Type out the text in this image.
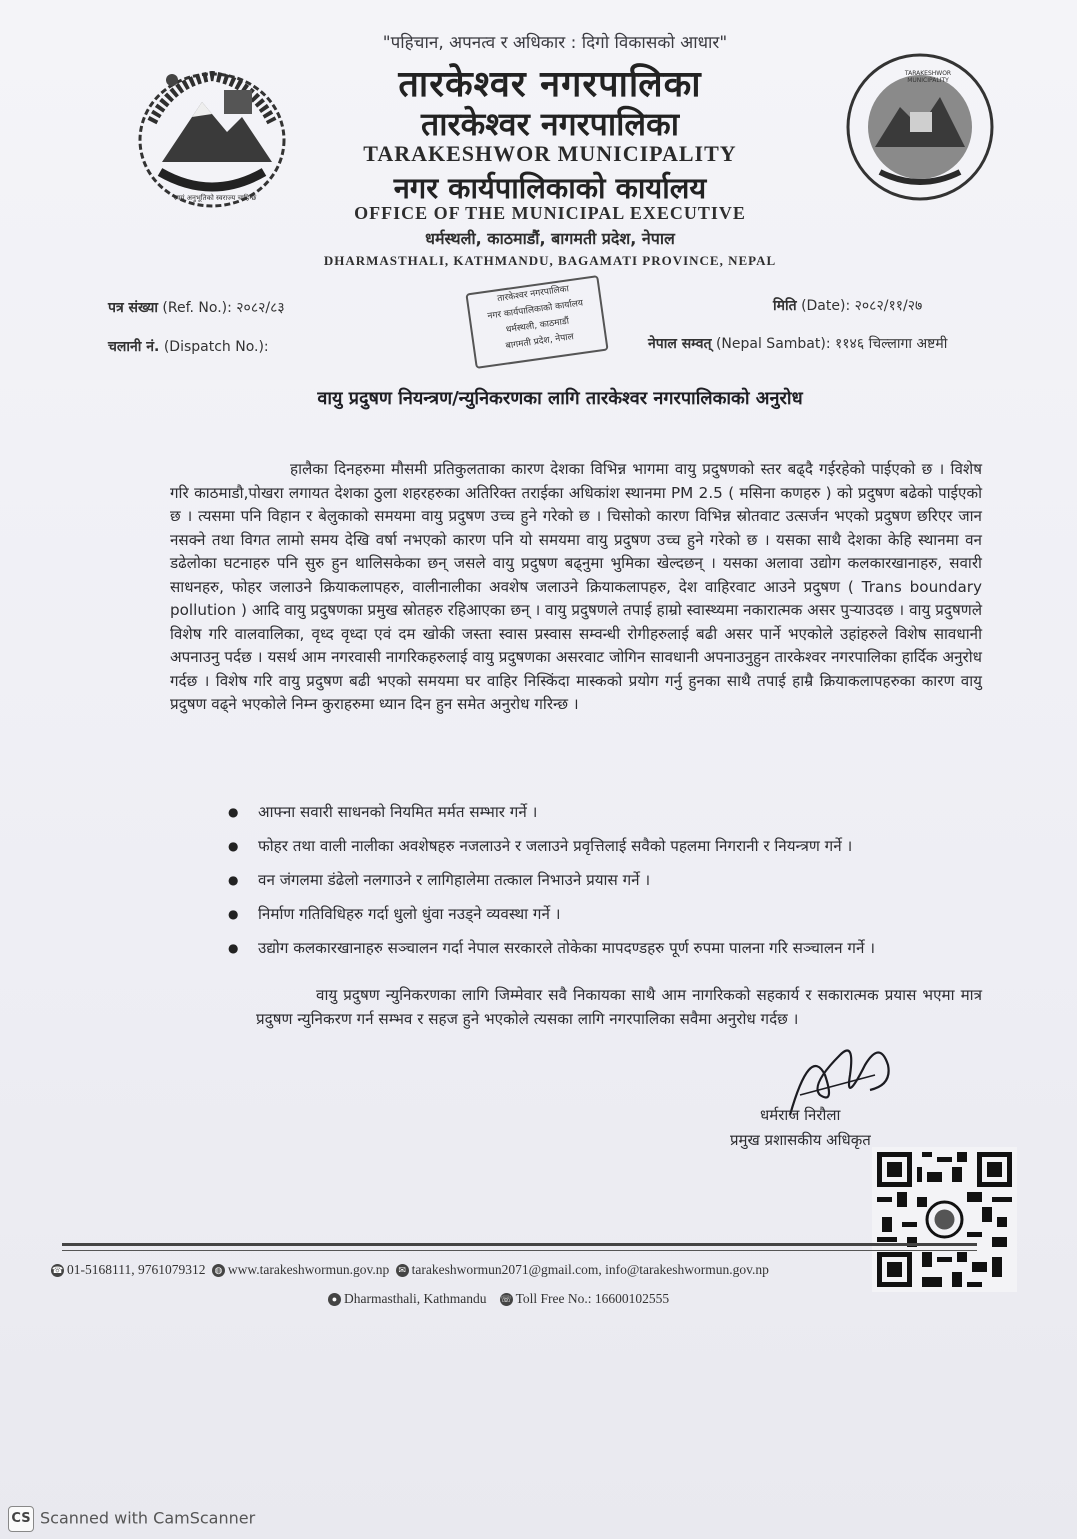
स्वयं अनुभूतिको स्वराज्य चाहिन्छ
"पहिचान, अपनत्व र अधिकार : दिगो विकासको आधार"
तारकेश्वर नगरपालिका
तारकेश्वर नगरपालिका
TARAKESHWOR MUNICIPALITY
नगर कार्यपालिकाको कार्यालय
OFFICE OF THE MUNICIPAL EXECUTIVE
धर्मस्थली, काठमाडौं, बागमती प्रदेश, नेपाल
DHARMASTHALI, KATHMANDU, BAGAMATI PROVINCE, NEPAL
TARAKESHWOR MUNICIPALITY
पत्र संख्या (Ref. No.): २०८२/८३
चलानी नं. (Dispatch No.):
मिति (Date): २०८२/११/२७
नेपाल सम्वत् (Nepal Sambat): ११४६ चिल्लागा अष्टमी
तारकेश्वर नगरपालिका
नगर कार्यपालिकाको कार्यालय
धर्मस्थली, काठमाडौं
बागमती प्रदेश, नेपाल
वायु प्रदुषण नियन्त्रण/न्युनिकरणका लागि तारकेश्वर नगरपालिकाको अनुरोध
हालैका दिनहरुमा मौसमी प्रतिकुलताका कारण देशका विभिन्न भागमा वायु प्रदुषणको स्तर बढ्दै गईरहेको पाईएको छ । विशेष गरि काठमाडौ,पोखरा लगायत देशका ठुला शहरहरुका अतिरिक्त तराईका अधिकांश स्थानमा PM 2.5 ( मसिना कणहरु ) को प्रदुषण बढेको पाईएको छ । त्यसमा पनि विहान र बेलुकाको समयमा वायु प्रदुषण उच्च हुने गरेको छ । चिसोको कारण विभिन्न स्रोतवाट उत्सर्जन भएको प्रदुषण छरिएर जान नसक्ने तथा विगत लामो समय देखि वर्षा नभएको कारण पनि यो समयमा वायु प्रदुषण उच्च हुने गरेको छ । यसका साथै देशका केहि स्थानमा वन डढेलोका घटनाहरु पनि सुरु हुन थालिसकेका छन् जसले वायु प्रदुषण बढ्नुमा भुमिका खेल्दछन् । यसका अलावा उद्योग कलकारखानाहरु, सवारी साधनहरु, फोहर जलाउने क्रियाकलापहरु, वालीनालीका अवशेष जलाउने क्रियाकलापहरु, देश वाहिरवाट आउने प्रदुषण ( Trans boundary pollution ) आदि वायु प्रदुषणका प्रमुख स्रोतहरु रहिआएका छन् । वायु प्रदुषणले तपाई हाम्रो स्वास्थ्यमा नकारात्मक असर पुऱ्याउदछ । वायु प्रदुषणले विशेष गरि वालवालिका, वृध्द वृध्दा एवं दम खोकी जस्ता स्वास प्रस्वास सम्वन्धी रोगीहरुलाई बढी असर पार्ने भएकोले उहांहरुले विशेष सावधानी अपनाउनु पर्दछ । यसर्थ आम नगरवासी नागरिकहरुलाई वायु प्रदुषणका असरवाट जोगिन सावधानी अपनाउनुहुन तारकेश्वर नगरपालिका हार्दिक अनुरोध गर्दछ । विशेष गरि वायु प्रदुषण बढी भएको समयमा घर वाहिर निस्किंदा मास्कको प्रयोग गर्नु हुनका साथै तपाई हाम्रै क्रियाकलापहरुका कारण वायु प्रदुषण वढ्ने भएकोले निम्न कुराहरुमा ध्यान दिन हुन समेत अनुरोध गरिन्छ ।
● आफ्ना सवारी साधनको नियमित मर्मत सम्भार गर्ने ।
● फोहर तथा वाली नालीका अवशेषहरु नजलाउने र जलाउने प्रवृत्तिलाई सवैको पहलमा निगरानी र नियन्त्रण गर्ने ।
● वन जंगलमा डंढेलो नलगाउने र लागिहालेमा तत्काल निभाउने प्रयास गर्ने ।
● निर्माण गतिविधिहरु गर्दा धुलो धुंवा नउड्ने व्यवस्था गर्ने ।
● उद्योग कलकारखानाहरु सञ्चालन गर्दा नेपाल सरकारले तोकेका मापदण्डहरु पूर्ण रुपमा पालना गरि सञ्चालन गर्ने ।
वायु प्रदुषण न्युनिकरणका लागि जिम्मेवार सवै निकायका साथै आम नागरिकको सहकार्य र सकारात्मक प्रयास भएमा मात्र प्रदुषण न्युनिकरण गर्न सम्भव र सहज हुने भएकोले त्यसका लागि नगरपालिका सवैमा अनुरोध गर्दछ ।
धर्मराज निरौला
प्रमुख प्रशासकीय अधिकृत
☎ 01-5168111, 9761079312 ◍ www.tarakeshwormun.gov.np ✉ tarakeshwormun2071@gmail.com, info@tarakeshwormun.gov.np
● Dharmasthali, Kathmandu ☏ Toll Free No.: 16600102555
CS Scanned with CamScanner
